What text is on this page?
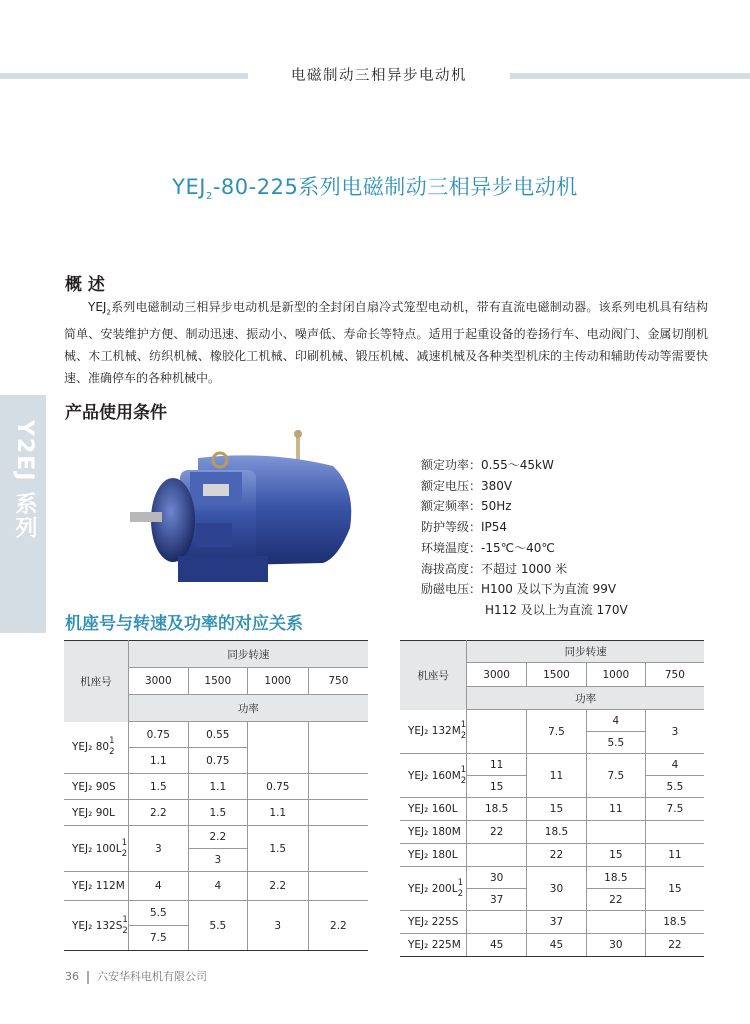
电磁制动三相异步电动机
$YEJ_2-80-225$系列电磁制动三相异步电动机
Y2EJ 系列
概 述
$YEJ_2$系列电磁制动三相异步电动机是新型的全封闭自扇冷式笼型电动机，带有直流电磁制动器。该系列电机具有结构简单、安装维护方便、制动迅速、振动小、噪声低、寿命长等特点。适用于起重设备的卷扬行车、电动阀门、金属切削机械、木工机械、纺织机械、橡胶化工机械、印刷机械、锻压机械、减速机械及各种类型机床的主传动和辅助传动等需要快速、准确停车的各种机械中。
产品使用条件
额定功率：0.55～45kW
额定电压：380V
额定频率：50Hz
防护等级：IP54
环境温度：-15℃～40℃
海拔高度：不超过 1000 米
励磁电压：H100 及以下为直流 99V
H112 及以上为直流 170V
机座号与转速及功率的对应关系
机座号	同步转速			
	3000	1500	1000	750
	功率			
YEJ₂ 80 1
2	0.75	0.55		
	1.1	0.75		
YEJ₂ 90S	1.5	1.1	0.75	
YEJ₂ 90L	2.2	1.5	1.1	
YEJ₂ 100L 1
2	3	2.2	1.5	
		3		
YEJ₂ 112M	4	4	2.2	
YEJ₂ 132S 1
2	5.5	5.5	3	2.2
	7.5			
机座号	同步转速			
	3000	1500	1000	750
	功率			
YEJ₂ 132M 1
2		7.5	4	3
			5.5	
YEJ₂ 160M 1
2	11	11	7.5	4
	15			5.5
YEJ₂ 160L	18.5	15	11	7.5
YEJ₂ 180M	22	18.5		
YEJ₂ 180L		22	15	11
YEJ₂ 200L 1
2	30	30	18.5	15
	37		22	
YEJ₂ 225S		37		18.5
YEJ₂ 225M	45	45	30	22
36 六安华科电机有限公司
